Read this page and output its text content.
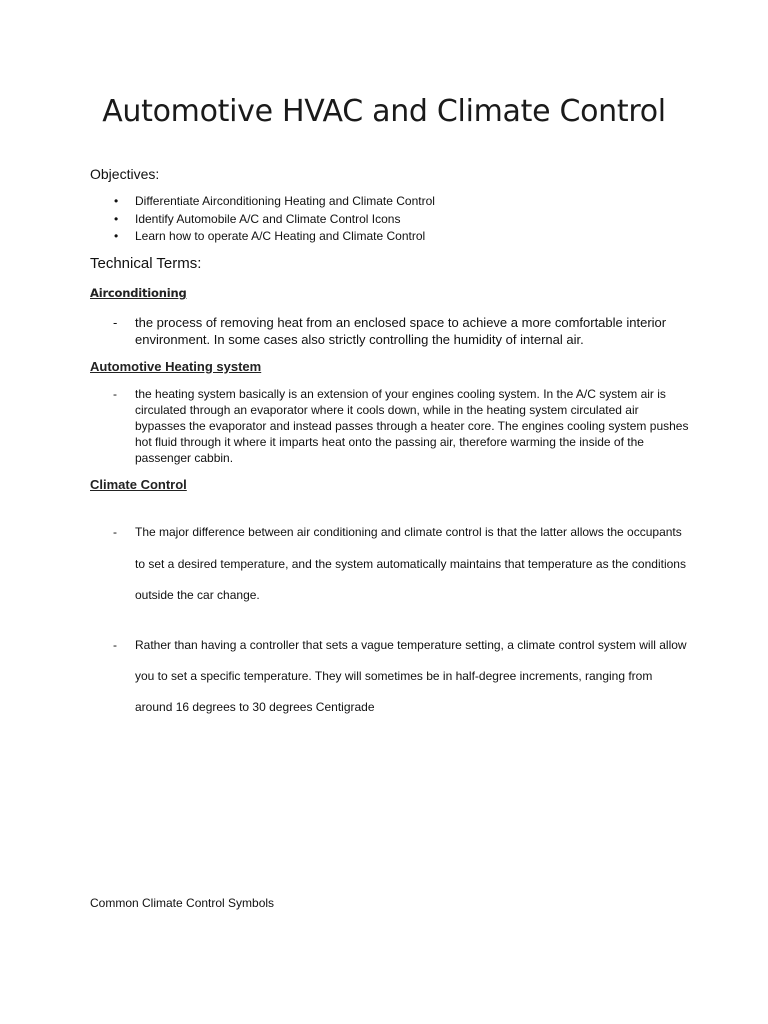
Automotive HVAC and Climate Control

Objectives:

• Differentiate Airconditioning Heating and Climate Control
• Identify Automobile A/C and Climate Control Icons
• Learn how to operate A/C Heating and Climate Control

Technical Terms:

Airconditioning

- the process of removing heat from an enclosed space to achieve a more comfortable interior environment. In some cases also strictly controlling the humidity of internal air.

Automotive Heating system

- the heating system basically is an extension of your engines cooling system. In the A/C system air is circulated through an evaporator where it cools down, while in the heating system circulated air bypasses the evaporator and instead passes through a heater core. The engines cooling system pushes hot fluid through it where it imparts heat onto the passing air, therefore warming the inside of the passenger cabbin.

Climate Control

- The major difference between air conditioning and climate control is that the latter allows the occupants to set a desired temperature, and the system automatically maintains that temperature as the conditions outside the car change.

- Rather than having a controller that sets a vague temperature setting, a climate control system will allow you to set a specific temperature. They will sometimes be in half-degree increments, ranging from around 16 degrees to 30 degrees Centigrade

Common Climate Control Symbols
